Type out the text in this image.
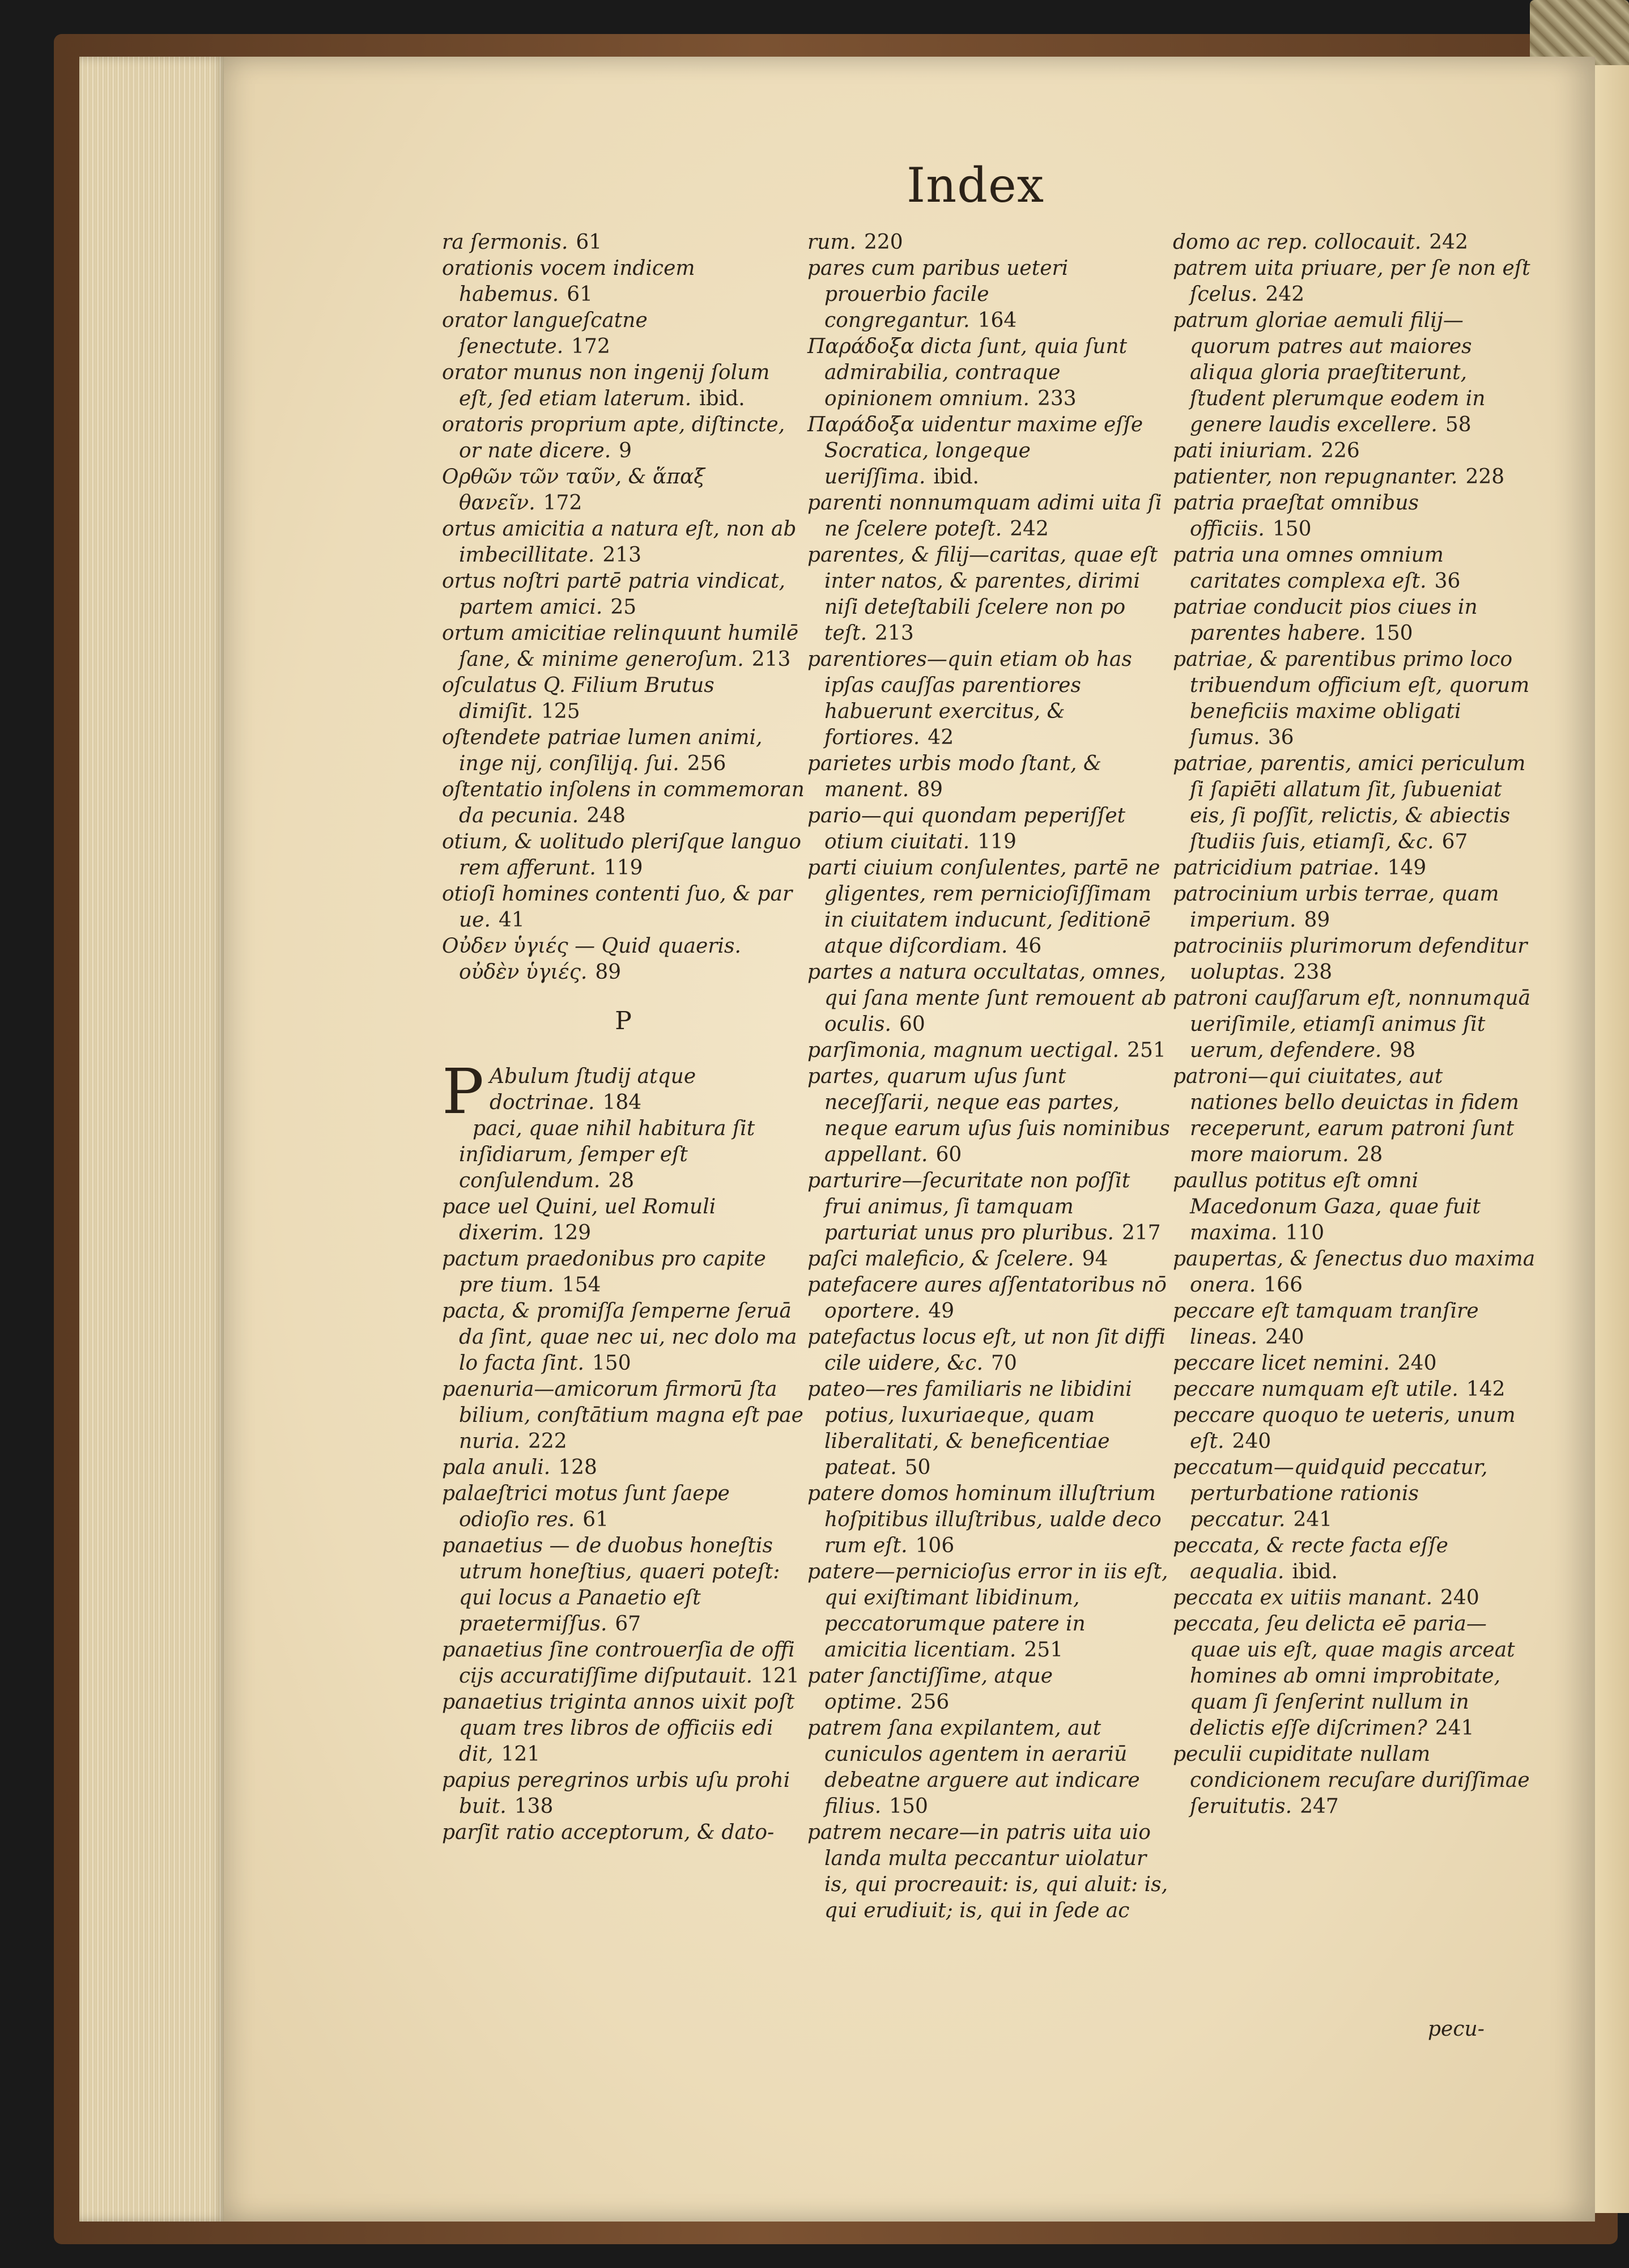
Index

ra ſermonis. 61

orationis vocem indicem habemus. 61

orator langueſcatne ſenectute. 172

orator munus non ingenij ſolum eſt, ſed etiam laterum. ibid.

oratoris proprium apte, diſtincte, or nate dicere. 9

Ορθῶν τῶν ταῦν, & ἅπαξ θανεῖν. 172

ortus amicitia a natura eſt, non ab imbecillitate. 213

ortus noſtri partē patria vindicat, partem amici. 25

ortum amicitiae relinquunt humilē ſane, & minime generoſum. 213

oſculatus Q. Filium Brutus dimiſit. 125

oſtendete patriae lumen animi, inge nij, conſilijq. ſui. 256

oſtentatio inſolens in commemoran da pecunia. 248

otium, & uolitudo pleriſque languo rem afferunt. 119

otioſi homines contenti ſuo, & par ue. 41

Οὐδεν ὑγιές — Quid quaeris. οὐδὲν ὑγιές. 89

P

P Abulum ſtudij atque doctrinae. 184

paci, quae nihil habitura ſit inſidiarum, ſemper eſt conſulendum. 28

pace uel Quini, uel Romuli dixerim. 129

pactum praedonibus pro capite pre tium. 154

pacta, & promiſſa ſemperne ſeruā da ſint, quae nec ui, nec dolo ma lo facta ſint. 150

paenuria—amicorum firmorū ſta bilium, conſtātium magna eſt pae nuria. 222

pala anuli. 128

palaeſtrici motus ſunt ſaepe odioſio res. 61

panaetius — de duobus honeſtis utrum honeſtius, quaeri poteſt: qui locus a Panaetio eſt praetermiſſus. 67

panaetius ſine controuerſia de offi cijs accuratiſſime diſputauit. 121

panaetius triginta annos uixit poſt quam tres libros de officiis edi dit, 121

papius peregrinos urbis uſu prohi buit. 138

parſit ratio acceptorum, & dato-

rum. 220

pares cum paribus ueteri prouerbio facile congregantur. 164

Παράδοξα dicta ſunt, quia ſunt admirabilia, contraque opinionem omnium. 233

Παράδοξα uidentur maxime eſſe Socratica, longeque ueriſſima. ibid.

parenti nonnumquam adimi uita ſi ne ſcelere poteſt. 242

parentes, & filij—caritas, quae eſt inter natos, & parentes, dirimi niſi deteſtabili ſcelere non po teſt. 213

parentiores—quin etiam ob has ipſas cauſſas parentiores habuerunt exercitus, & fortiores. 42

parietes urbis modo ſtant, & manent. 89

pario—qui quondam peperiſſet otium ciuitati. 119

parti ciuium conſulentes, partē ne gligentes, rem pernicioſiſſimam in ciuitatem inducunt, ſeditionē atque diſcordiam. 46

partes a natura occultatas, omnes, qui ſana mente ſunt remouent ab oculis. 60

parſimonia, magnum uectigal. 251

partes, quarum uſus ſunt neceſſarii, neque eas partes, neque earum uſus ſuis nominibus appellant. 60

parturire—ſecuritate non poſſit frui animus, ſi tamquam parturiat unus pro pluribus. 217

paſci maleficio, & ſcelere. 94

patefacere aures aſſentatoribus nō oportere. 49

patefactus locus eſt, ut non ſit diffi cile uidere, &c. 70

pateo—res familiaris ne libidini potius, luxuriaeque, quam liberalitati, & beneficentiae pateat. 50

patere domos hominum illuſtrium hoſpitibus illuſtribus, ualde deco rum eſt. 106

patere—pernicioſus error in iis eſt, qui exiſtimant libidinum, peccatorumque patere in amicitia licentiam. 251

pater ſanctiſſime, atque optime. 256

patrem ſana expilantem, aut cuniculos agentem in aerariū debeatne arguere aut indicare filius. 150

patrem necare—in patris uita uio landa multa peccantur uiolatur is, qui procreauit: is, qui aluit: is, qui erudiuit; is, qui in ſede ac

domo ac rep. collocauit. 242

patrem uita priuare, per ſe non eſt ſcelus. 242

patrum gloriae aemuli filij—quorum patres aut maiores aliqua gloria praeſtiterunt, ſtudent plerumque eodem in genere laudis excellere. 58

pati iniuriam. 226

patienter, non repugnanter. 228

patria praeſtat omnibus officiis. 150

patria una omnes omnium caritates complexa eſt. 36

patriae conducit pios ciues in parentes habere. 150

patriae, & parentibus primo loco tribuendum officium eſt, quorum beneficiis maxime obligati ſumus. 36

patriae, parentis, amici periculum ſi ſapiēti allatum ſit, ſubueniat eis, ſi poſſit, relictis, & abiectis ſtudiis ſuis, etiamſi, &c. 67

patricidium patriae. 149

patrocinium urbis terrae, quam imperium. 89

patrociniis plurimorum defenditur uoluptas. 238

patroni cauſſarum eſt, nonnumquā ueriſimile, etiamſi animus ſit uerum, defendere. 98

patroni—qui ciuitates, aut nationes bello deuictas in fidem receperunt, earum patroni ſunt more maiorum. 28

paullus potitus eſt omni Macedonum Gaza, quae fuit maxima. 110

paupertas, & ſenectus duo maxima onera. 166

peccare eſt tamquam tranſire lineas. 240

peccare licet nemini. 240

peccare numquam eſt utile. 142

peccare quoquo te ueteris, unum eſt. 240

peccatum—quidquid peccatur, perturbatione rationis peccatur. 241

peccata, & recte facta eſſe aequalia. ibid.

peccata ex uitiis manant. 240

peccata, ſeu delicta eē paria—quae uis eſt, quae magis arceat homines ab omni improbitate, quam ſi ſenſerint nullum in delictis eſſe diſcrimen? 241

peculii cupiditate nullam condicionem recuſare duriſſimae ſeruitutis. 247

pecu-
